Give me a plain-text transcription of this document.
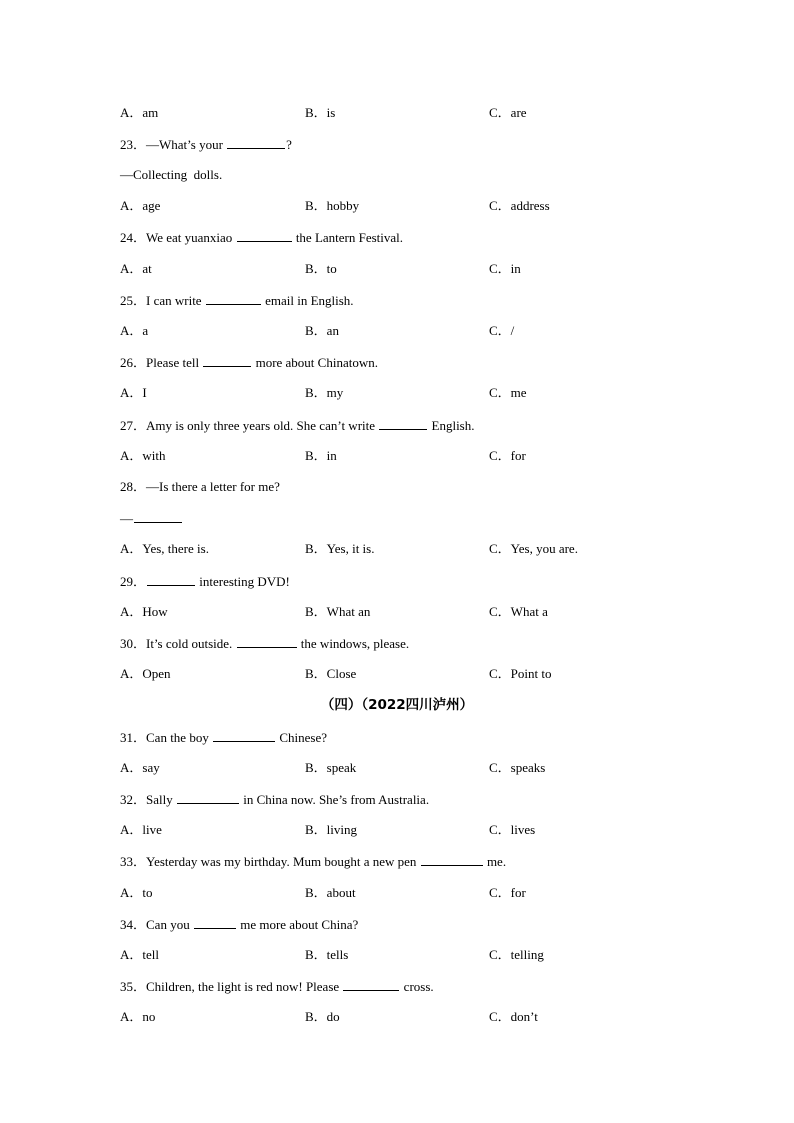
A．am	B．is	C．are
23．—What’s your	?
—Collecting  dolls.
A．age	B．hobby	C．address
24．We eat yuanxiao	the Lantern Festival.
A．at	B．to	C．in
25．I can write	email in English.
A．a	B．an	C．/
26．Please tell	more about Chinatown.
A．I	B．my	C．me
27．Amy is only three years old. She can’t write	English.
A．with	B．in	C．for
28．—Is there a letter for me?
—
A．Yes, there is.	B．Yes, it is.	C．Yes, you are.
29．	interesting DVD!
A．How	B．What an	C．What a
30．It’s cold outside.	the windows, please.
A．Open	B．Close	C．Point to
（四）（2022四川泸州）
31．Can the boy	Chinese?
A．say	B．speak	C．speaks
32．Sally	in China now. She’s from Australia.
A．live	B．living	C．lives
33．Yesterday was my birthday. Mum bought a new pen	me.
A．to	B．about	C．for
34．Can you	me more about China?
A．tell	B．tells	C．telling
35．Children, the light is red now! Please	cross.
A．no	B．do	C．don’t
